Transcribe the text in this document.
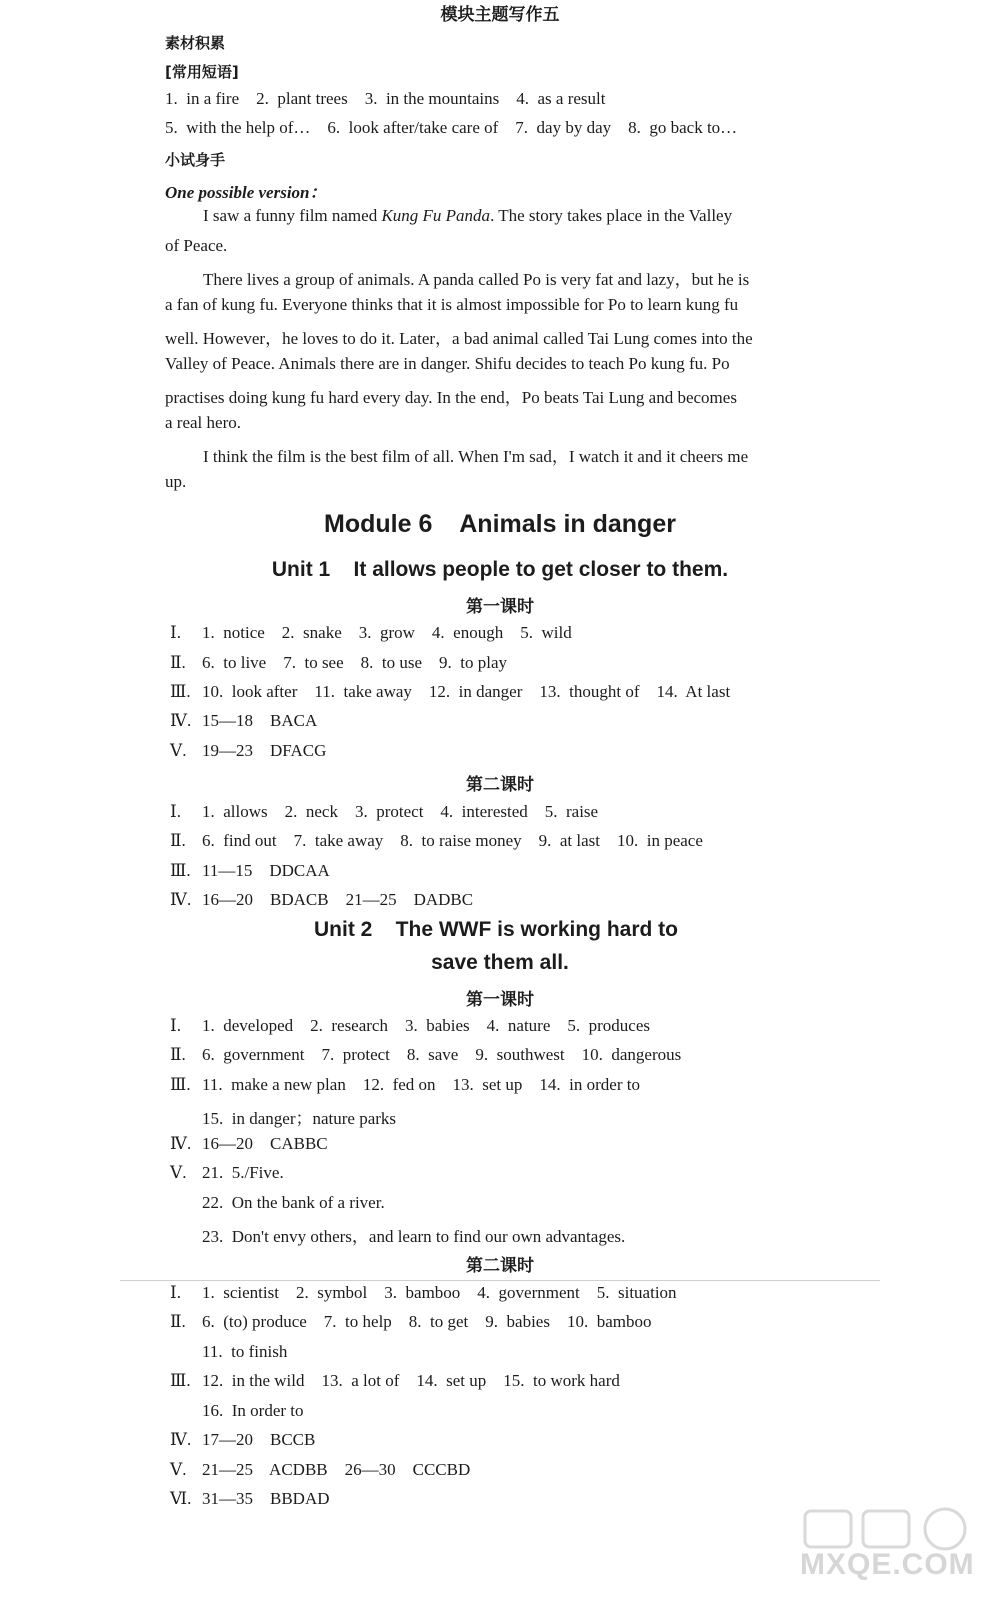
模块主题写作五
素材积累
[常用短语]
1.  in a fire    2.  plant trees    3.  in the mountains    4.  as a result
5.  with the help of…    6.  look after/take care of    7.  day by day    8.  go back to…
小试身手
One possible version：
I saw a funny film named Kung Fu Panda. The story takes place in the Valley
of Peace.
There lives a group of animals. A panda called Po is very fat and lazy，but he is
a fan of kung fu. Everyone thinks that it is almost impossible for Po to learn kung fu
well. However，he loves to do it. Later，a bad animal called Tai Lung comes into the
Valley of Peace. Animals there are in danger. Shifu decides to teach Po kung fu. Po
practises doing kung fu hard every day. In the end，Po beats Tai Lung and becomes
a real hero.
I think the film is the best film of all. When I'm sad，I watch it and it cheers me
up.
Module 6    Animals in danger
Unit 1    It allows people to get closer to them.
第一课时
Ⅰ. 1.  notice    2.  snake    3.  grow    4.  enough    5.  wild
Ⅱ. 6.  to live    7.  to see    8.  to use    9.  to play
Ⅲ. 10.  look after    11.  take away    12.  in danger    13.  thought of    14.  At last
Ⅳ. 15—18    BACA
Ⅴ. 19—23    DFACG
第二课时
Ⅰ. 1.  allows    2.  neck    3.  protect    4.  interested    5.  raise
Ⅱ. 6.  find out    7.  take away    8.  to raise money    9.  at last    10.  in peace
Ⅲ. 11—15    DDCAA
Ⅳ. 16—20    BDACB    21—25    DADBC
Unit 2    The WWF is working hard to
save them all.
第一课时
Ⅰ. 1.  developed    2.  research    3.  babies    4.  nature    5.  produces
Ⅱ. 6.  government    7.  protect    8.  save    9.  southwest    10.  dangerous
Ⅲ. 11.  make a new plan    12.  fed on    13.  set up    14.  in order to
15.  in danger；nature parks
Ⅳ. 16—20    CABBC
Ⅴ. 21.  5./Five.
22.  On the bank of a river.
23.  Don't envy others，and learn to find our own advantages.
第二课时
Ⅰ. 1.  scientist    2.  symbol    3.  bamboo    4.  government    5.  situation
Ⅱ. 6.  (to) produce    7.  to help    8.  to get    9.  babies    10.  bamboo
11.  to finish
Ⅲ. 12.  in the wild    13.  a lot of    14.  set up    15.  to work hard
16.  In order to
Ⅳ. 17—20    BCCB
Ⅴ. 21—25    ACDBB    26—30    CCCBD
Ⅵ. 31—35    BBDAD
MXQE.COM
